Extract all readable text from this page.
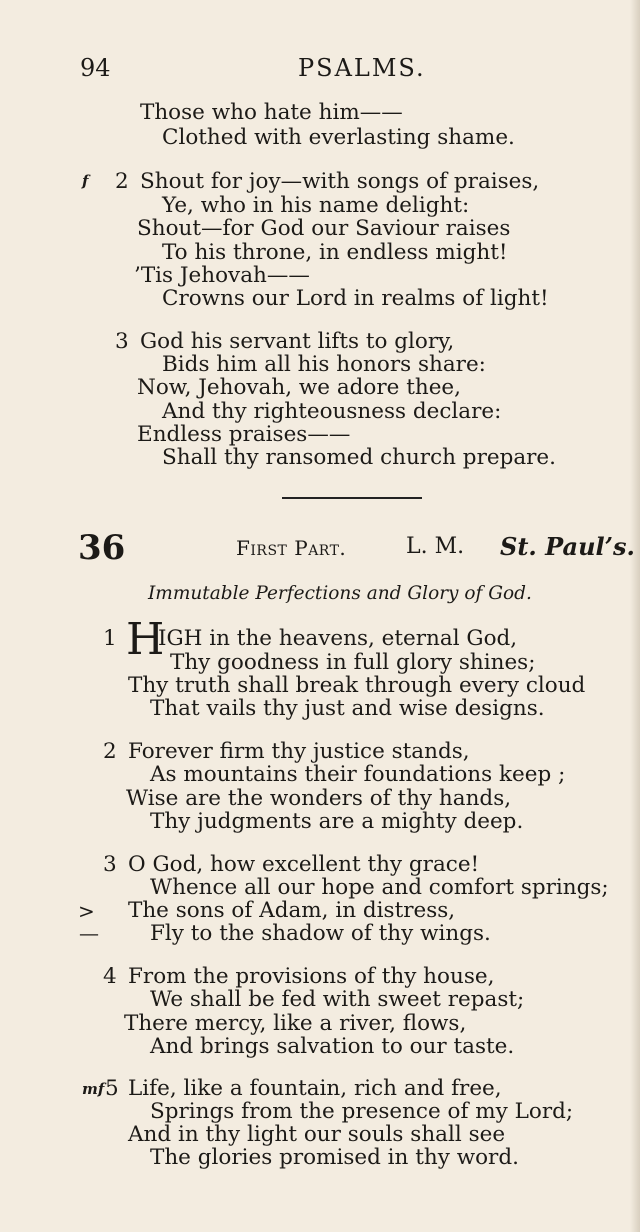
94	PSALMS.
Those who hate him——
Clothed with everlasting shame.
f 2 Shout for joy—with songs of praises,
Ye, who in his name delight:
Shout—for God our Saviour raises
To his throne, in endless might!
’Tis Jehovah——
Crowns our Lord in realms of light!
3 God his servant lifts to glory,
Bids him all his honors share:
Now, Jehovah, we adore thee,
And thy righteousness declare:
Endless praises——
Shall thy ransomed church prepare.
36	First Part.	L. M. St. Paul’s.
Immutable Perfections and Glory of God.
1 H
IGH in the heavens, eternal God,
Thy goodness in full glory shines;
Thy truth shall break through every cloud
That vails thy just and wise designs.
2 Forever firm thy justice stands,
As mountains their foundations keep ;
Wise are the wonders of thy hands,
Thy judgments are a mighty deep.
3 O God, how excellent thy grace!
Whence all our hope and comfort springs;
> The sons of Adam, in distress,
— Fly to the shadow of thy wings.
4 From the provisions of thy house,
We shall be fed with sweet repast;
There mercy, like a river, flows,
And brings salvation to our taste.
mf 5 Life, like a fountain, rich and free,
Springs from the presence of my Lord;
And in thy light our souls shall see
The glories promised in thy word.
